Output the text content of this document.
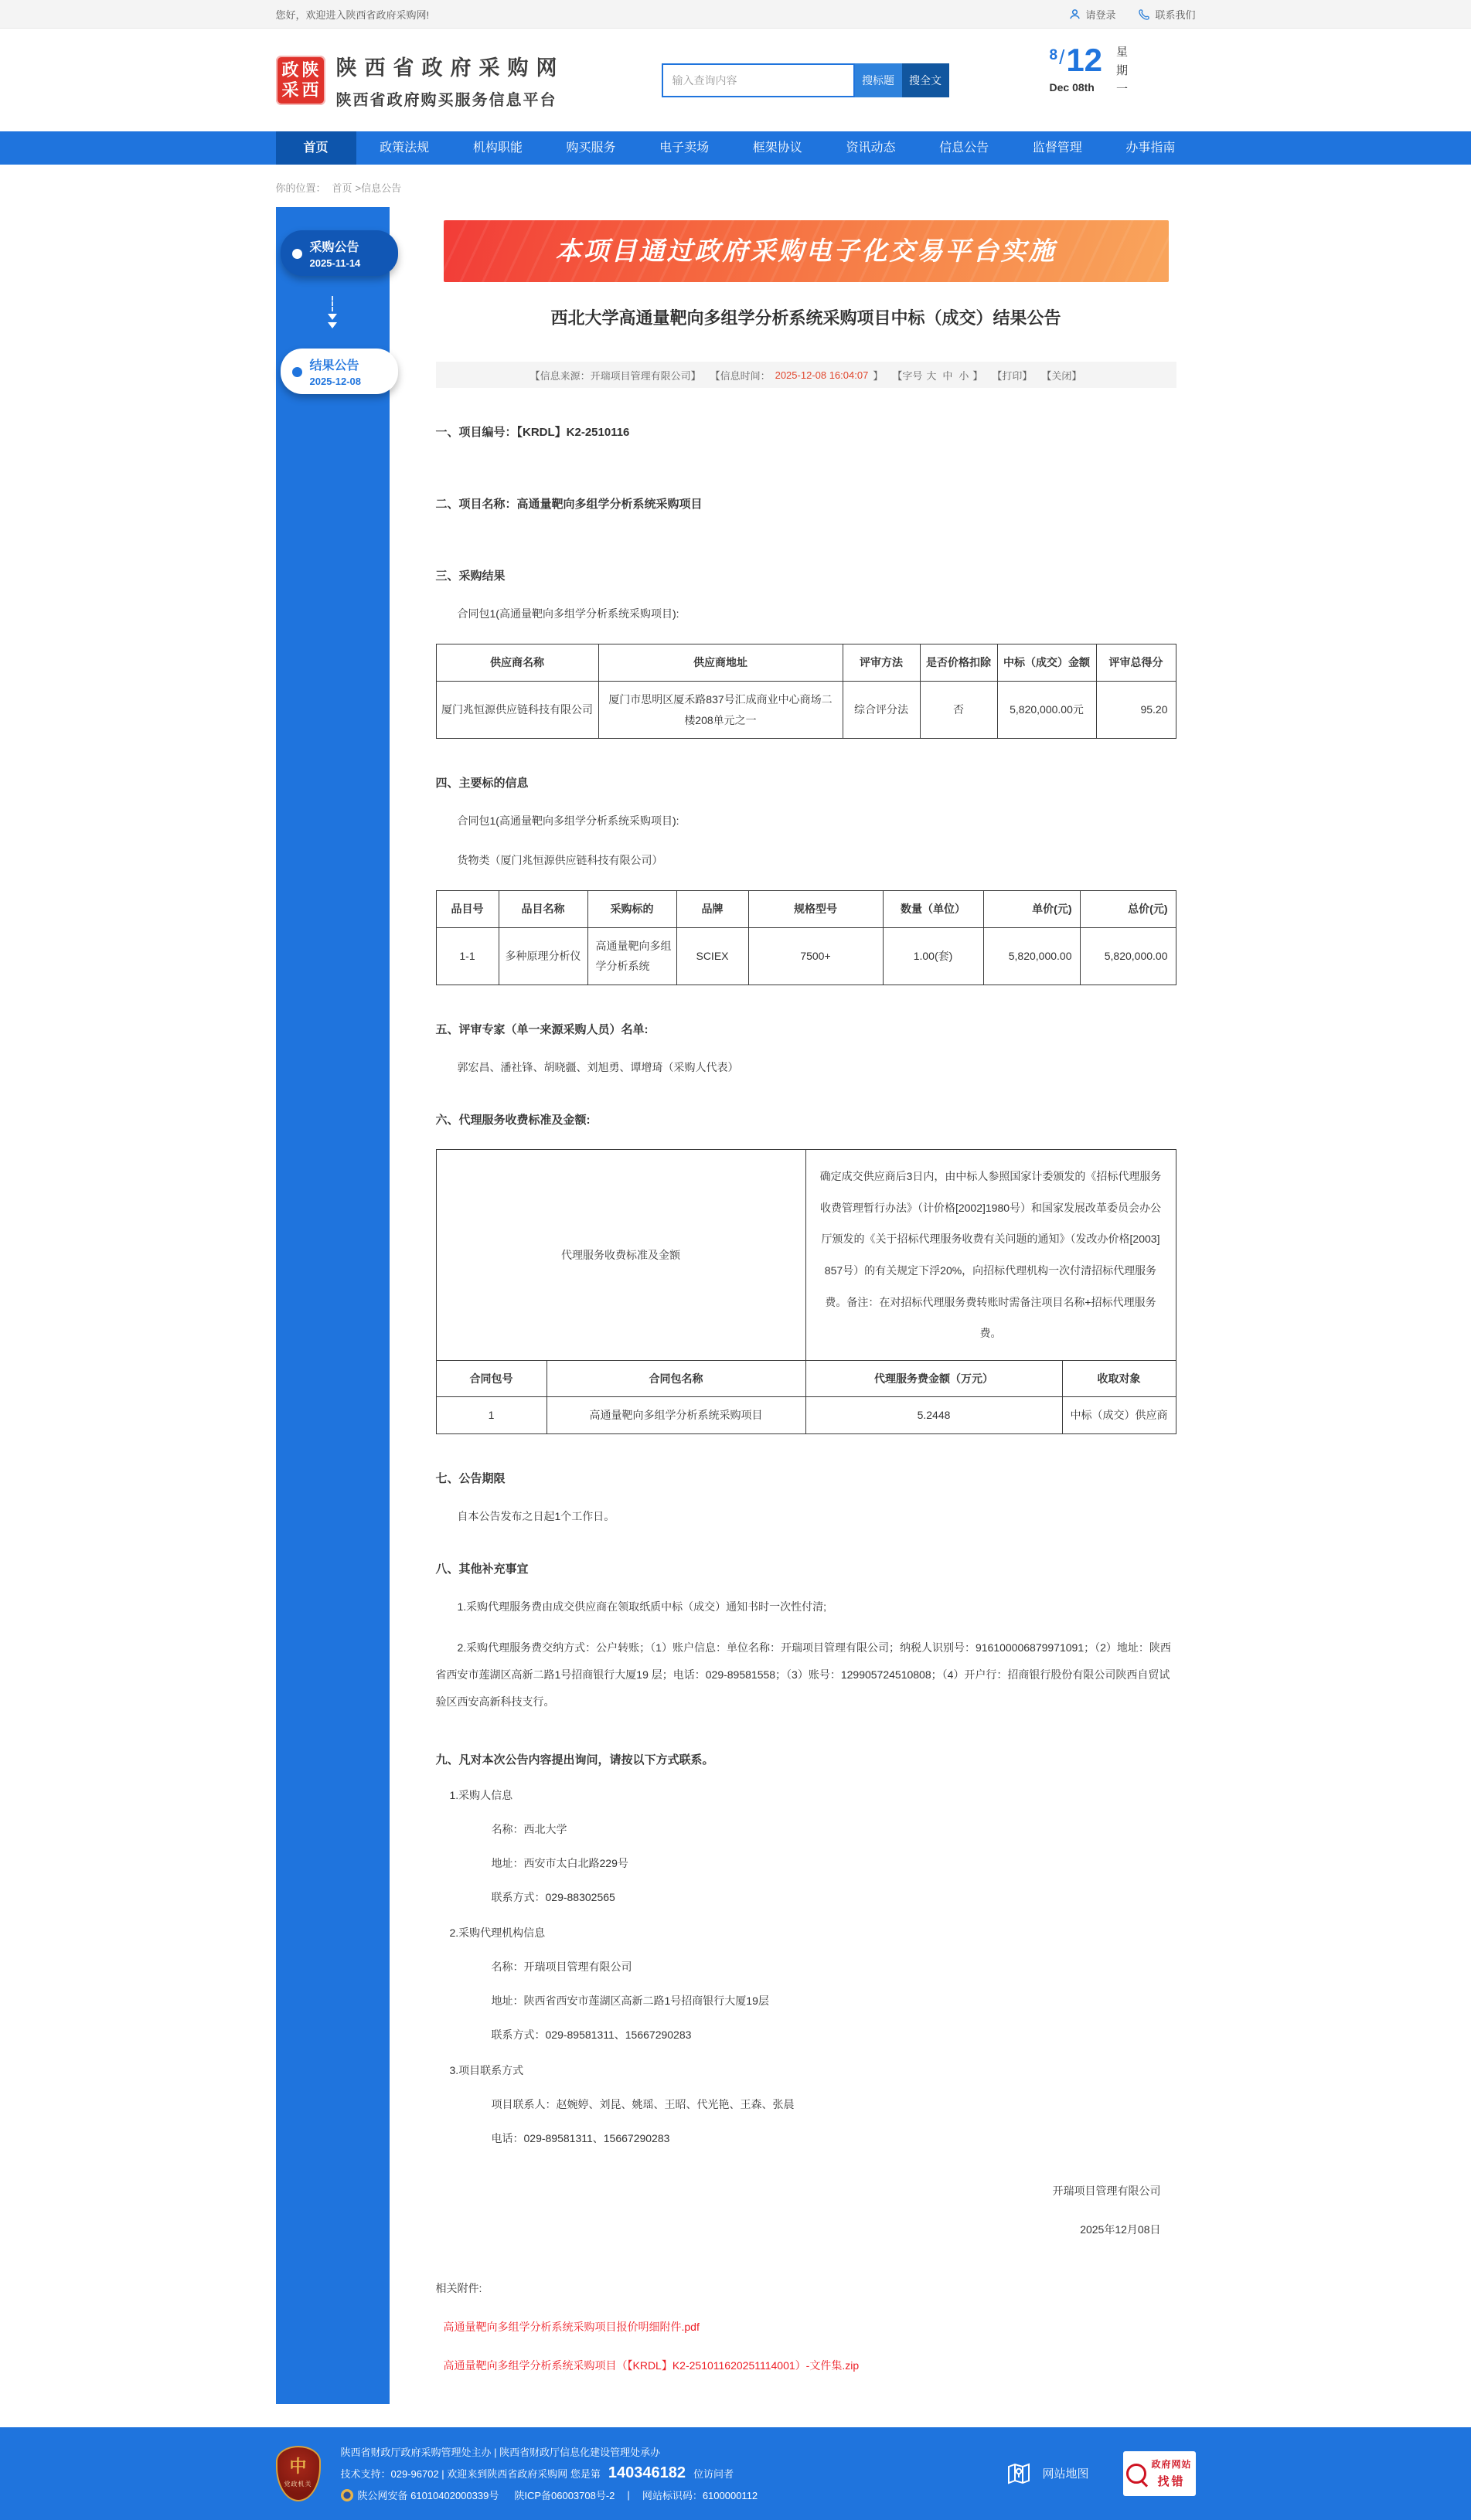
您好，欢迎进入陕西省政府采购网!	请登录	联系我们
政 陕
采 西
陕西省政府采购网
陕西省政府购买服务信息平台
输入查询内容
搜标题	搜全文
8 / 12
Dec 08th	星期一
首页	政策法规	机构职能	购买服务	电子卖场	框架协议	资讯动态	信息公告	监督管理	办事指南
你的位置： 首页 >信息公告
采购公告
2025-11-14
结果公告
2025-12-08
本项目通过政府采购电子化交易平台实施
西北大学高通量靶向多组学分析系统采购项目中标（成交）结果公告
【信息来源：开瑞项目管理有限公司】 【信息时间： 2025-12-08 16:04:07 】 【字号 大 中 小 】 【打印】 【关闭】
一、项目编号：【KRDL】K2-2510116
二、项目名称：高通量靶向多组学分析系统采购项目
三、采购结果

合同包1(高通量靶向多组学分析系统采购项目):

供应商名称	供应商地址	评审方法	是否价格扣除	中标（成交）金额	评审总得分
厦门兆恒源供应链科技有限公司	厦门市思明区厦禾路837号汇成商业中心商场二楼208单元之一	综合评分法	否	5,820,000.00元	95.20
四、主要标的信息

合同包1(高通量靶向多组学分析系统采购项目):

货物类（厦门兆恒源供应链科技有限公司）

品目号	品目名称	采购标的	品牌	规格型号	数量（单位）	单价(元)	总价(元)
1-1	多种原理分析仪	高通量靶向多组学分析系统	SCIEX	7500+	1.00(套)	5,820,000.00	5,820,000.00
五、评审专家（单一来源采购人员）名单:

郭宏昌、潘社锋、胡晓疆、刘旭勇、谭增琦（采购人代表）

六、代理服务收费标准及金额:
代理服务收费标准及金额		确定成交供应商后3日内，由中标人参照国家计委颁发的《招标代理服务收费管理暂行办法》（计价格[2002]1980号）和国家发展改革委员会办公厅颁发的《关于招标代理服务收费有关问题的通知》（发改办价格[2003] 857号）的有关规定下浮20%，向招标代理机构一次付清招标代理服务费。备注：在对招标代理服务费转账时需备注项目名称+招标代理服务费。	
合同包号	合同包名称	代理服务费金额（万元）	收取对象
1	高通量靶向多组学分析系统采购项目	5.2448	中标（成交）供应商
七、公告期限

自本公告发布之日起1个工作日。

八、其他补充事宜

1.采购代理服务费由成交供应商在领取纸质中标（成交）通知书时一次性付清;

2.采购代理服务费交纳方式：公户转账；（1）账户信息：单位名称：开瑞项目管理有限公司；纳税人识别号：916100006879971091；（2）地址：陕西省西安市莲湖区高新二路1号招商银行大厦19 层；电话：029-89581558；（3）账号：129905724510808；（4）开户行：招商银行股份有限公司陕西自贸试验区西安高新科技支行。

九、凡对本次公告内容提出询问，请按以下方式联系。
1.采购人信息
名称：西北大学
地址：西安市太白北路229号
联系方式：029-88302565
2.采购代理机构信息
名称：开瑞项目管理有限公司
地址：陕西省西安市莲湖区高新二路1号招商银行大厦19层
联系方式：029-89581311、15667290283
3.项目联系方式
项目联系人：赵婉婷、刘昆、姚瑶、王昭、代光艳、王森、张晨
电话：029-89581311、15667290283
开瑞项目管理有限公司
2025年12月08日
相关附件:
高通量靶向多组学分析系统采购项目报价明细附件.pdf
高通量靶向多组学分析系统采购项目（【KRDL】K2-251011620251114001）-文件集.zip
中
党政机关
陕西省财政厅政府采购管理处主办 | 陕西省财政厅信息化建设管理处承办
技术支持：029-96702 | 欢迎来到陕西省政府采购网 您是第 140346182 位访问者
陕公网安备 61010402000339号 陕ICP备06003708号-2 | 网站标识码：6100000112
网站地图
政府网站
找错
